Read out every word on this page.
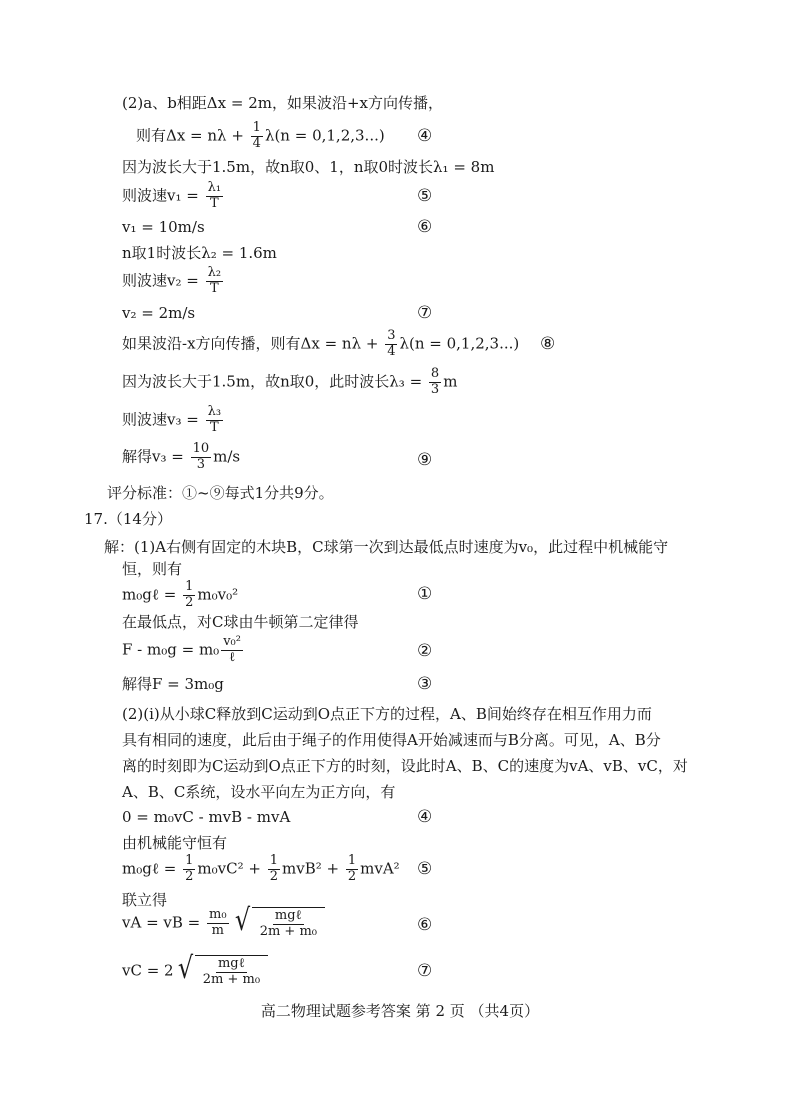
(2)a、b相距Δx = 2m，如果波沿+x方向传播，
则有$\Delta x = n\lambda + \frac{1}{4} \lambda(n = 0,1,2,3...)$ ④
因为波长大于1.5m，故n取0、1，n取0时波长λ₁ = 8m
则波速$v_1 = \frac{\text{λ₁}}{T}$	⑤
v₁ = 10m/s	⑥
n取1时波长λ₂ = 1.6m
则波速$v_2 = \frac{\text{λ₂}}{T}$
v₂ = 2m/s	⑦
如果波沿-x方向传播，则有$\Delta x = n\lambda + \frac{3}{4} \lambda(n = 0,1,2,3...)$ ⑧
因为波长大于1.5m，故n取0，此时波长$\lambda_3 = \frac{8}{3}$ m
则波速$v_3 = \frac{\text{λ₃}}{T}$
解得$v_3 = \frac{10}{3} m/s$	⑨
评分标准：①~⑨每式1分共9分。
17.（14分）
解：(1)A右侧有固定的木块B，C球第一次到达最低点时速度为v₀，此过程中机械能守
恒，则有
m₀gℓ = $\frac{1}{2} m_0v_0^2$	①
在最低点，对C球由牛顿第二定律得
$F - m_0g = m_0 \frac{\text{v₀²}}{\text{ℓ}}$	②
解得F = 3m₀g	③
(2)(i)从小球C释放到C运动到O点正下方的过程，A、B间始终存在相互作用力而
具有相同的速度，此后由于绳子的作用使得A开始减速而与B分离。可见，A、B分
离的时刻即为C运动到O点正下方的时刻，设此时A、B、C的速度为vA、vB、vC，对
A、B、C系统，设水平向左为正方向，有
0 = m₀vC - mvB - mvA	④
由机械能守恒有
m₀gℓ = $\frac{1}{2} m_0vC^2 + \frac{1}{2} mvB^2 + \frac{1}{2} mvA^2$ ⑤
联立得
vA = vB = $\frac{\text{m₀}}{m}$ √ $\frac{\text{mgℓ}}{\text{2m + m₀}}$	⑥
vC = 2 √ $\frac{\text{mgℓ}}{\text{2m + m₀}}$	⑦
高二物理试题参考答案 第 2 页 （共4页）
